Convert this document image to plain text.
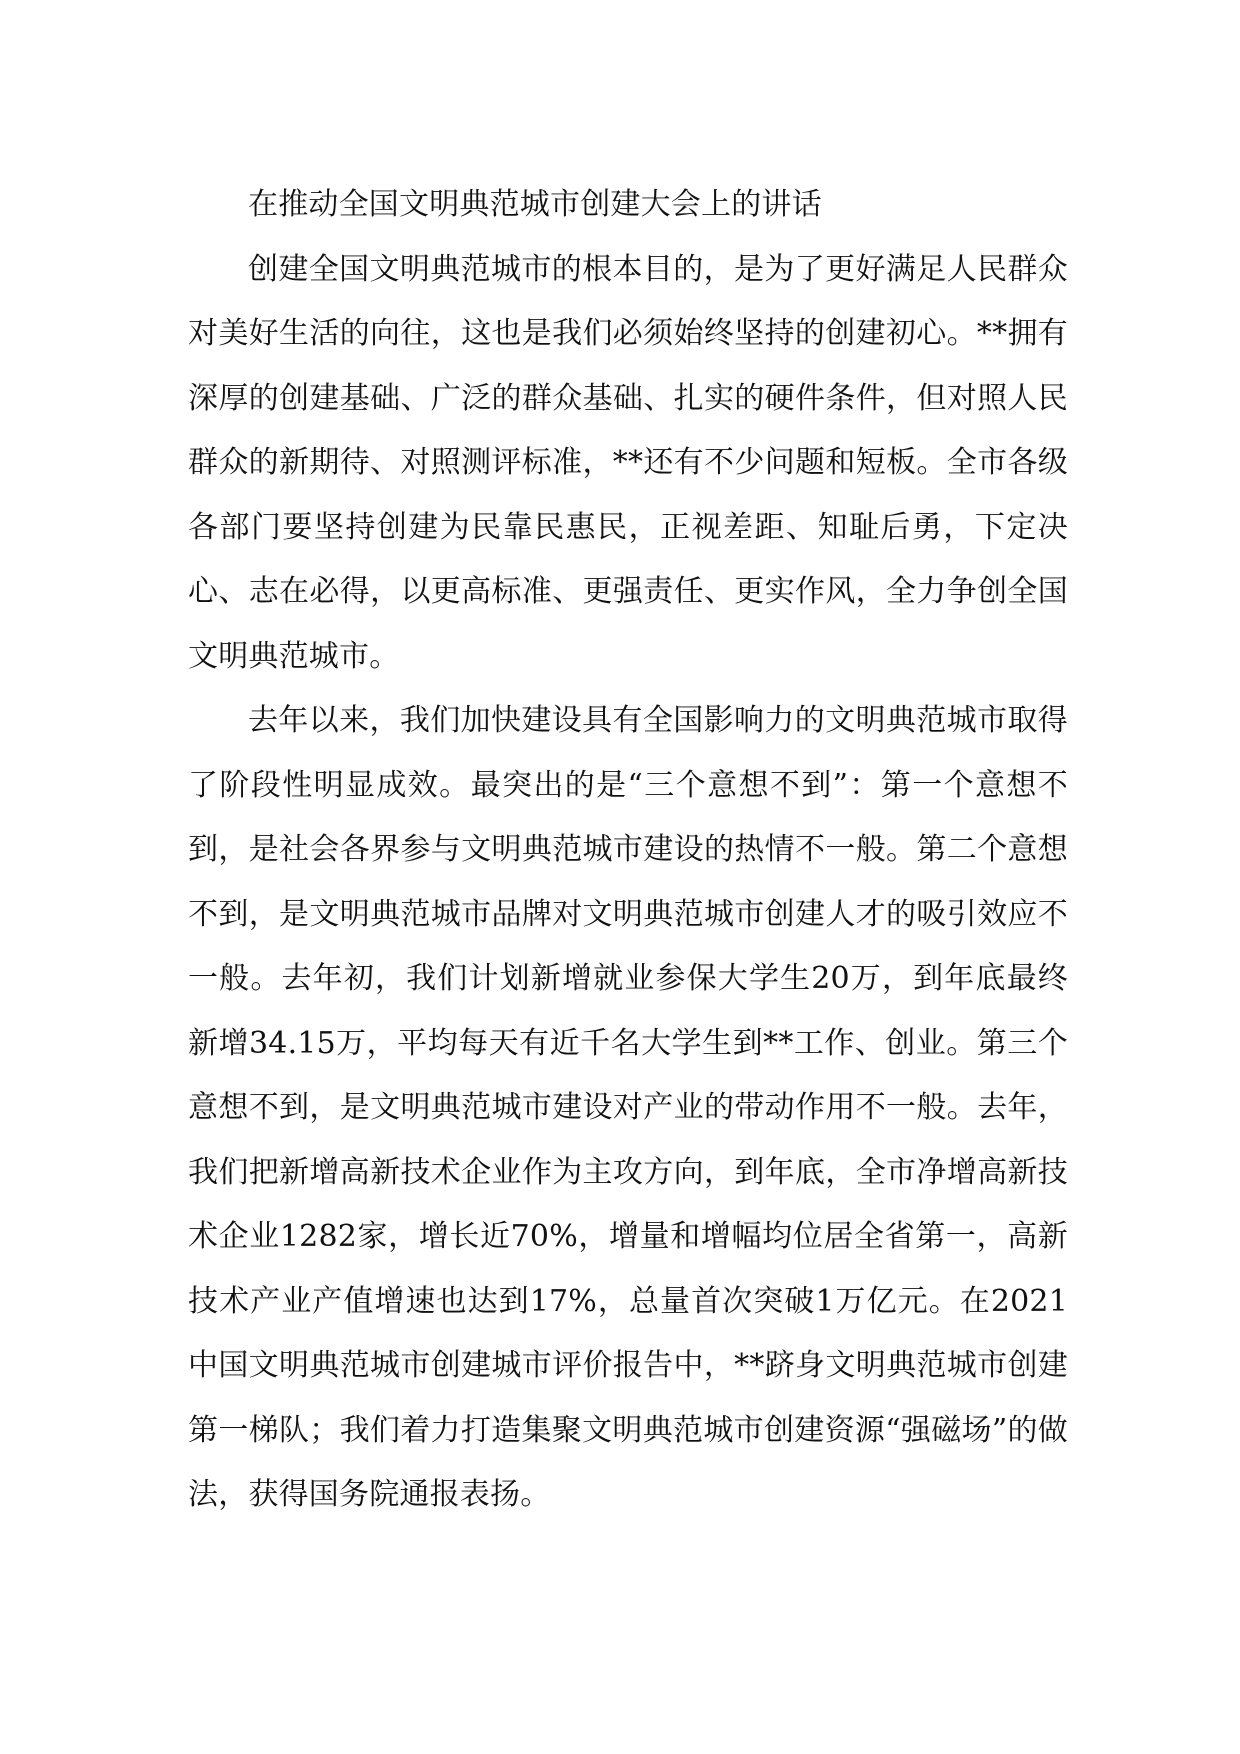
在推动全国文明典范城市创建大会上的讲话

创建全国文明典范城市的根本目的，是为了更好满足人民群众对美好生活的向往，这也是我们必须始终坚持的创建初心。**拥有深厚的创建基础、广泛的群众基础、扎实的硬件条件，但对照人民群众的新期待、对照测评标准，**还有不少问题和短板。全市各级各部门要坚持创建为民靠民惠民，正视差距、知耻后勇，下定决心、志在必得，以更高标准、更强责任、更实作风，全力争创全国文明典范城市。

去年以来，我们加快建设具有全国影响力的文明典范城市取得了阶段性明显成效。最突出的是“三个意想不到”：第一个意想不到，是社会各界参与文明典范城市建设的热情不一般。第二个意想不到，是文明典范城市品牌对文明典范城市创建人才的吸引效应不一般。去年初，我们计划新增就业参保大学生20万，到年底最终新增34.15万，平均每天有近千名大学生到**工作、创业。第三个意想不到，是文明典范城市建设对产业的带动作用不一般。去年，我们把新增高新技术企业作为主攻方向，到年底，全市净增高新技术企业1282家，增长近70%，增量和增幅均位居全省第一，高新技术产业产值增速也达到17%，总量首次突破1万亿元。在2021中国文明典范城市创建城市评价报告中，**跻身文明典范城市创建第一梯队；我们着力打造集聚文明典范城市创建资源“强磁场”的做法，获得国务院通报表扬。
